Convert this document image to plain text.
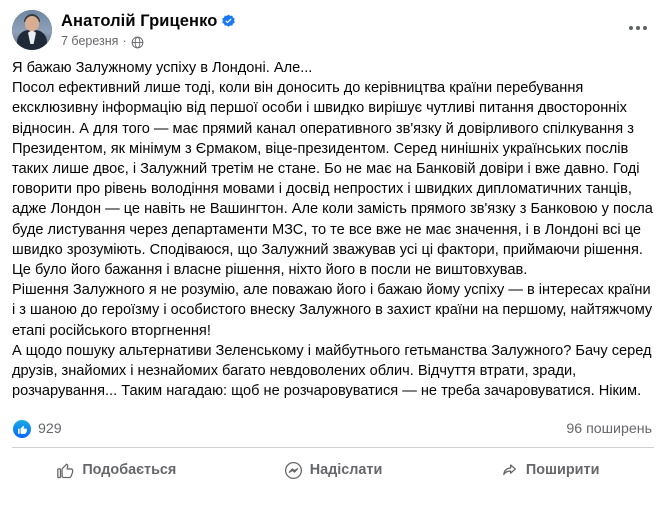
Анатолій Гриценко
7 березня ·

Я бажаю Залужному успіху в Лондоні. Але...

Посол ефективний лише тоді, коли він доносить до керівництва країни перебування ексклюзивну інформацію від першої особи і швидко вирішує чутливі питання двосторонніх відносин. А для того — має прямий канал оперативного зв'язку й довірливого спілкування з Президентом, як мінімум з Єрмаком, віце-президентом. Серед нинішніх українських послів таких лише двоє, і Залужний третім не стане. Бо не має на Банковій довіри і вже давно. Годі говорити про рівень володіння мовами і досвід непростих і швидких дипломатичних танців, адже Лондон — це навіть не Вашингтон. Але коли замість прямого зв'язку з Банковою у посла буде листування через департаменти МЗС, то те все вже не має значення, і в Лондоні всі це швидко зрозуміють. Сподіваюся, що Залужний зважував усі ці фактори, приймаючи рішення. Це було його бажання і власне рішення, ніхто його в посли не виштовхував.

Рішення Залужного я не розумію, але поважаю його і бажаю йому успіху — в інтересах країни і з шаною до героїзму і особистого внеску Залужного в захист країни на першому, найтяжчому етапі російського вторгнення!

А щодо пошуку альтернативи Зеленському і майбутнього гетьманства Залужного? Бачу серед друзів, знайомих і незнайомих багато невдоволених облич. Відчуття втрати, зради, розчарування... Таким нагадаю: щоб не розчаровуватися — не треба зачаровуватися. Ніким.

929	96 поширень
Подобається	Надіслати	Поширити
